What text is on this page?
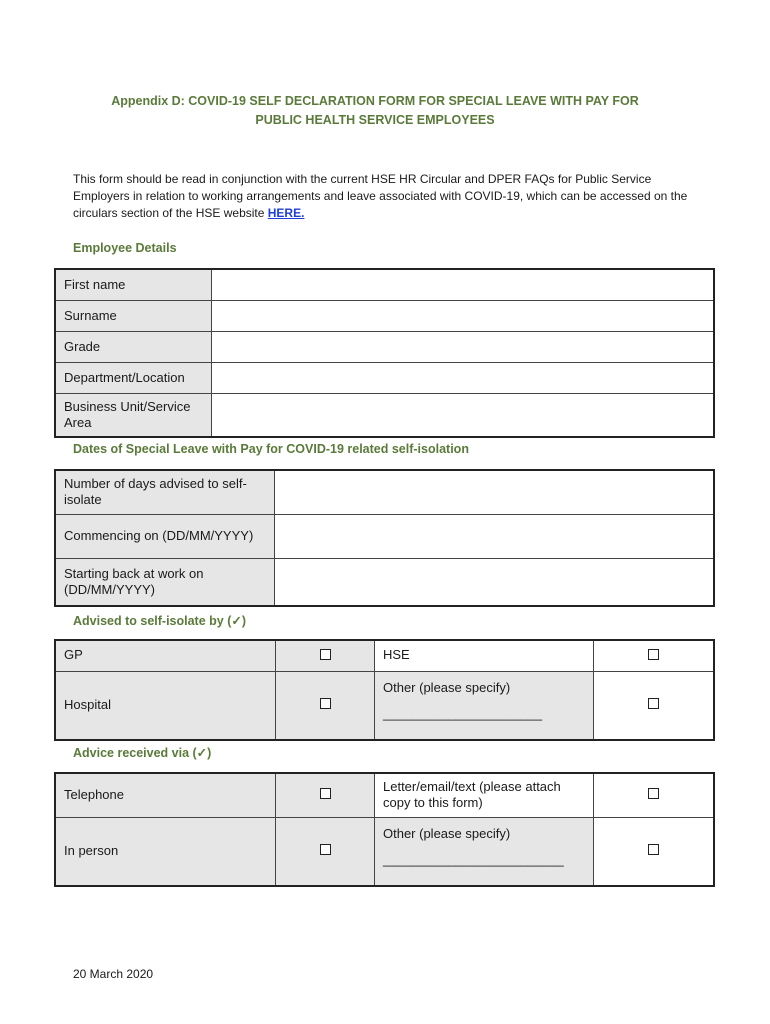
Appendix D: COVID-19 SELF DECLARATION FORM FOR SPECIAL LEAVE WITH PAY FOR
PUBLIC HEALTH SERVICE EMPLOYEES
This form should be read in conjunction with the current HSE HR Circular and DPER FAQs for Public Service Employers in relation to working arrangements and leave associated with COVID-19, which can be accessed on the circulars section of the HSE website HERE.
Employee Details
First name	
Surname	
Grade	
Department/Location	
Business Unit/Service Area	
Dates of Special Leave with Pay for COVID-19 related self-isolation
Number of days advised to self-isolate	
Commencing on (DD/MM/YYYY)	
Starting back at work on (DD/MM/YYYY)	
Advised to self-isolate by (✓)
GP		HSE	
Hospital		Other (please specify)
______________________	

Advice received via (✓)
Telephone		Letter/email/text (please attach copy to this form)	
In person		Other (please specify)
_________________________	

20 March 2020
